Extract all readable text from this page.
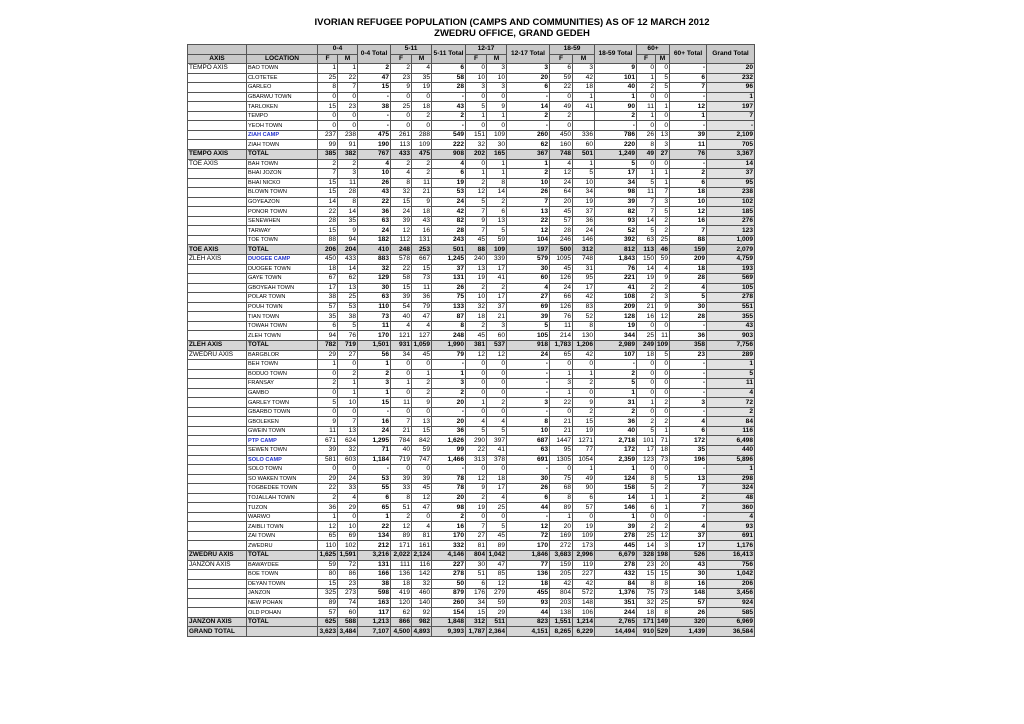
IVORIAN REFUGEE POPULATION (CAMPS AND COMMUNITIES) AS OF 12 MARCH 2012
ZWEDRU OFFICE, GRAND GEDEH
		0-4		0-4 Total	5-11		5-11 Total	12-17		12-17 Total	18-59		18-59 Total	60+		60+ Total	Grand Total
AXIS	LOCATION	F	M		F	M		F	M		F	M		F	M		
TEMPO AXIS	BAO TOWN	1	1	2	2	4	6	0	3	3	6	3	9	0	0	-	20
	CLOTETEE	25	22	47	23	35	58	10	10	20	59	42	101	1	5	6	232
	GARLEO	8	7	15	9	19	28	3	3	6	22	18	40	2	5	7	96
	GBARWU TOWN	0	0	-	0	0	-	0	0	-	0	1	1	0	0	-	1
	TARLOKEN	15	23	38	25	18	43	5	9	14	49	41	90	11	1	12	197
	TEMPO	0	0	-	0	2	2	1	1	2	2		2	1	0	1	7
	YEOH TOWN	0	0	-	0	0	-	0	0	-	0		-	0	0	-	-
	ZIAH CAMP	237	238	475	261	288	549	151	109	260	450	336	786	26	13	39	2,109
	ZIAH TOWN	99	91	190	113	109	222	32	30	62	160	60	220	8	3	11	705
TEMPO AXIS	TOTAL	385	382	767	433	475	908	202	165	367	748	501	1,249	49	27	76	3,367
TOE AXIS	BAH TOWN	2	2	4	2	2	4	0	1	1	4	1	5	0	0	-	14
	BHAI JOZON	7	3	10	4	2	6	1	1	2	12	5	17	1	1	2	37
	BHAI NICKO	15	11	26	8	11	19	2	8	10	24	10	34	5	1	6	95
	BLOWN TOWN	15	28	43	32	21	53	12	14	26	64	34	98	11	7	18	238
	GOYEAZON	14	8	22	15	9	24	5	2	7	20	19	39	7	3	10	102
	PONOR TOWN	22	14	36	24	18	42	7	6	13	45	37	82	7	5	12	185
	SENEWHEN	28	35	63	39	43	82	9	13	22	57	36	93	14	2	16	276
	TARWAY	15	9	24	12	16	28	7	5	12	28	24	52	5	2	7	123
	TOE TOWN	88	94	182	112	131	243	45	59	104	246	146	392	63	25	88	1,009
TOE AXIS	TOTAL	206	204	410	248	253	501	88	109	197	500	312	812	113	46	159	2,079
ZLEH AXIS	DUOGEE CAMP	450	433	883	578	667	1,245	240	339	579	1095	748	1,843	150	59	209	4,759
	DUOGEE TOWN	18	14	32	22	15	37	13	17	30	45	31	76	14	4	18	193
	GAYE TOWN	67	62	129	58	73	131	19	41	60	126	95	221	19	9	28	569
	GBOYEAH TOWN	17	13	30	15	11	26	2	2	4	24	17	41	2	2	4	105
	POLAR TOWN	38	25	63	39	36	75	10	17	27	66	42	108	2	3	5	278
	POUH TOWN	57	53	110	54	79	133	32	37	69	126	83	209	21	9	30	551
	TIAN TOWN	35	38	73	40	47	87	18	21	39	76	52	128	16	12	28	355
	TOWAH TOWN	6	5	11	4	4	8	2	3	5	11	8	19	0	0	-	43
	ZLEH TOWN	94	76	170	121	127	248	45	60	105	214	130	344	25	11	36	903
ZLEH AXIS	TOTAL	782	719	1,501	931	1,059	1,990	381	537	918	1,783	1,206	2,989	249	109	358	7,756
ZWEDRU AXIS	BARGBLOR	29	27	56	34	45	79	12	12	24	65	42	107	18	5	23	289
	BEH TOWN	1	0	1	0	0	-	0	0	-	0	0	-	0	0	-	1
	BODUO TOWN	0	2	2	0	1	1	0	0	-	1	1	2	0	0	-	5
	FRANSAY	2	1	3	1	2	3	0	0	-	3	2	5	0	0	-	11
	GAMBO	0	1	1	0	2	2	0	0	-	1	0	1	0	0	-	4
	GARLEY TOWN	5	10	15	11	9	20	1	2	3	22	9	31	1	2	3	72
	GBARBO TOWN	0	0	-	0	0	-	0	0	-	0	2	2	0	0	-	2
	GBOLEKEN	9	7	16	7	13	20	4	4	8	21	15	36	2	2	4	84
	GWEIN TOWN	11	13	24	21	15	36	5	5	10	21	19	40	5	1	6	116
	PTP CAMP	671	624	1,295	784	842	1,626	290	397	687	1447	1271	2,718	101	71	172	6,498
	SEWEN TOWN	39	32	71	40	59	99	22	41	63	95	77	172	17	18	35	440
	SOLO CAMP	581	603	1,184	719	747	1,466	313	378	691	1305	1054	2,359	123	73	196	5,896
	SOLO TOWN	0	0	-	0	0	-	0	0	-	0	1	1	0	0	-	1
	SO WAKEN TOWN	29	24	53	39	39	78	12	18	30	75	49	124	8	5	13	298
	TOGBEDEE TOWN	22	33	55	33	45	78	9	17	26	68	90	158	5	2	7	324
	TOJALLAH TOWN	2	4	6	8	12	20	2	4	6	8	6	14	1	1	2	48
	TUZON	36	29	65	51	47	98	19	25	44	89	57	146	6	1	7	360
	WARWO	1	0	1	2	0	2	0	0	-	1	0	1	0	0	-	4
	ZAIBLI TOWN	12	10	22	12	4	16	7	5	12	20	19	39	2	2	4	93
	ZAI TOWN	65	69	134	89	81	170	27	45	72	169	109	278	25	12	37	691
	ZWEDRU	110	102	212	171	161	332	81	89	170	272	173	445	14	3	17	1,176
ZWEDRU AXIS	TOTAL	1,625	1,591	3,216	2,022	2,124	4,146	804	1,042	1,846	3,683	2,996	6,679	328	198	526	16,413
JANZON AXIS	BAWAYDEE	59	72	131	111	116	227	30	47	77	159	119	278	23	20	43	756
	BOE TOWN	80	86	166	136	142	278	51	85	136	205	227	432	15	15	30	1,042
	DEYAN TOWN	15	23	38	18	32	50	6	12	18	42	42	84	8	8	16	206
	JANZON	325	273	598	419	460	879	176	279	455	804	572	1,376	75	73	148	3,456
	NEW POHAN	89	74	163	120	140	260	34	59	93	203	148	351	32	25	57	924
	OLD POHAN	57	60	117	62	92	154	15	29	44	138	106	244	18	8	26	585
JANZON AXIS	TOTAL	625	588	1,213	866	982	1,848	312	511	823	1,551	1,214	2,765	171	149	320	6,969
GRAND TOTAL		3,623	3,484	7,107	4,500	4,893	9,393	1,787	2,364	4,151	8,265	6,229	14,494	910	529	1,439	36,584
